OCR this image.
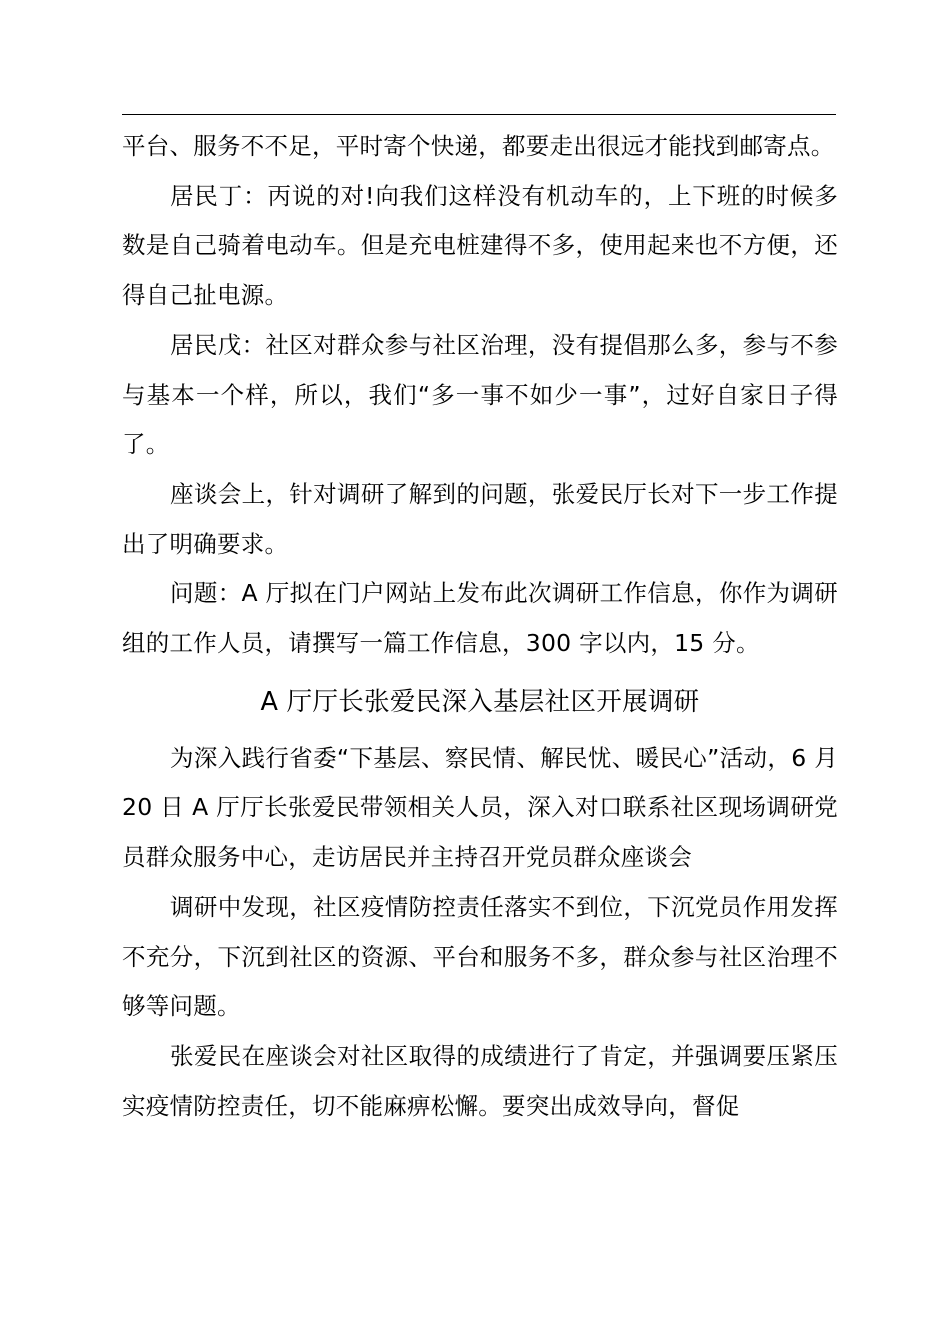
平台、服务不不足，平时寄个快递，都要走出很远才能找到邮寄点。

居民丁：丙说的对!向我们这样没有机动车的，上下班的时候多数是自己骑着电动车。但是充电桩建得不多，使用起来也不方便，还得自己扯电源。

居民戊：社区对群众参与社区治理，没有提倡那么多，参与不参与基本一个样，所以，我们“多一事不如少一事”，过好自家日子得了。

座谈会上，针对调研了解到的问题，张爱民厅长对下一步工作提出了明确要求。

问题：A 厅拟在门户网站上发布此次调研工作信息，你作为调研组的工作人员，请撰写一篇工作信息，300 字以内，15 分。

A 厅厅长张爱民深入基层社区开展调研

为深入践行省委“下基层、察民情、解民忧、暖民心”活动，6 月 20 日 A 厅厅长张爱民带领相关人员，深入对口联系社区现场调研党员群众服务中心，走访居民并主持召开党员群众座谈会

调研中发现，社区疫情防控责任落实不到位，下沉党员作用发挥不充分，下沉到社区的资源、平台和服务不多，群众参与社区治理不够等问题。

张爱民在座谈会对社区取得的成绩进行了肯定，并强调要压紧压实疫情防控责任，切不能麻痹松懈。要突出成效导向，督促
